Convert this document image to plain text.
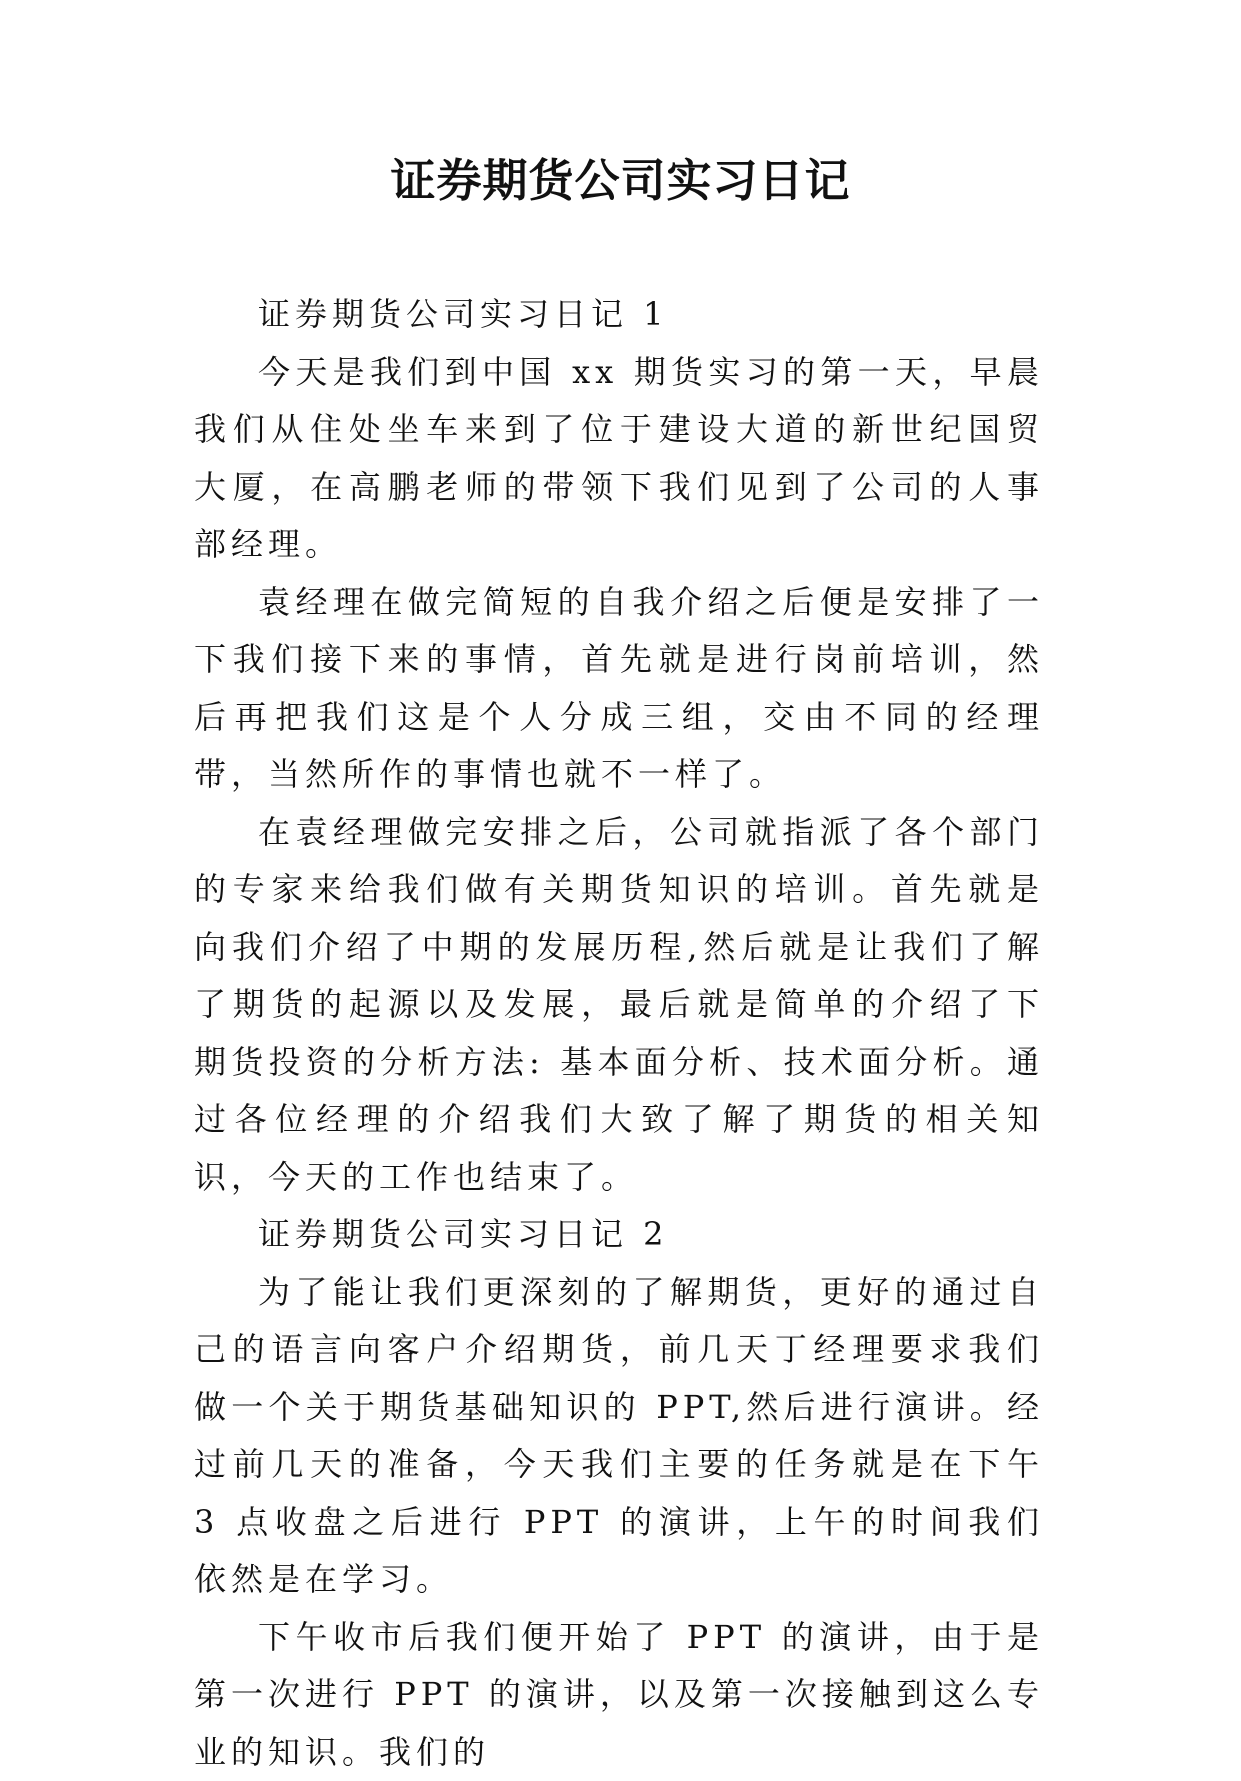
证券期货公司实习日记

证券期货公司实习日记 1

今天是我们到中国 xx 期货实习的第一天，早晨我们从住处坐车来到了位于建设大道的新世纪国贸大厦，在高鹏老师的带领下我们见到了公司的人事部经理。

袁经理在做完简短的自我介绍之后便是安排了一下我们接下来的事情，首先就是进行岗前培训，然后再把我们这是个人分成三组，交由不同的经理带，当然所作的事情也就不一样了。

在袁经理做完安排之后，公司就指派了各个部门的专家来给我们做有关期货知识的培训。首先就是向我们介绍了中期的发展历程,然后就是让我们了解了期货的起源以及发展，最后就是简单的介绍了下期货投资的分析方法: 基本面分析、技术面分析。通过各位经理的介绍我们大致了解了期货的相关知识，今天的工作也结束了。

证券期货公司实习日记 2

为了能让我们更深刻的了解期货，更好的通过自己的语言向客户介绍期货，前几天丁经理要求我们做一个关于期货基础知识的 PPT,然后进行演讲。经过前几天的准备，今天我们主要的任务就是在下午 3 点收盘之后进行 PPT 的演讲，上午的时间我们依然是在学习。

下午收市后我们便开始了 PPT 的演讲，由于是第一次进行 PPT 的演讲，以及第一次接触到这么专业的知识。我们的
